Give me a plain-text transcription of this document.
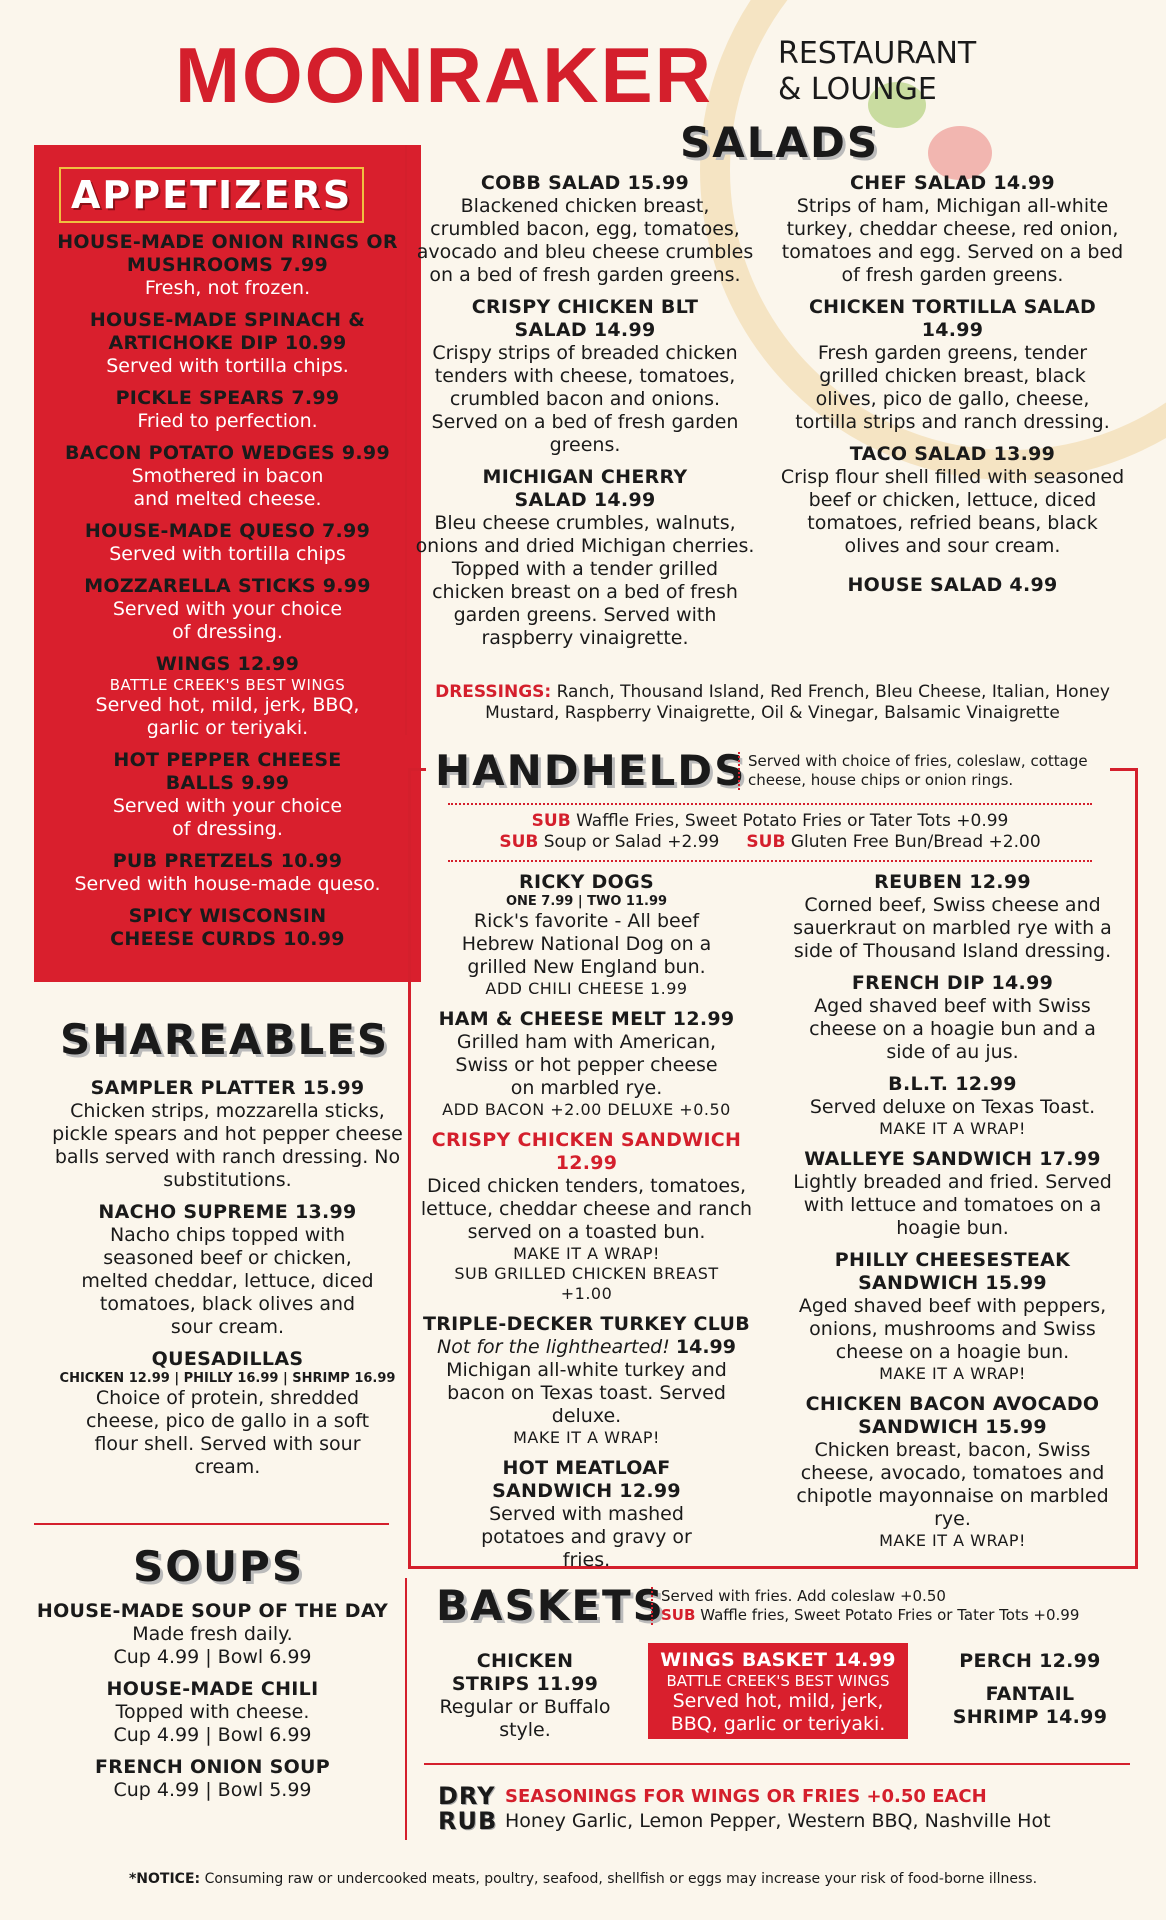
MOONRAKER RESTAURANT
& LOUNGE
APPETIZERS
HOUSE-MADE ONION RINGS OR MUSHROOMS 7.99
Fresh, not frozen.
HOUSE-MADE SPINACH & ARTICHOKE DIP 10.99
Served with tortilla chips.
PICKLE SPEARS 7.99
Fried to perfection.
BACON POTATO WEDGES 9.99
Smothered in bacon and melted cheese.
HOUSE-MADE QUESO 7.99
Served with tortilla chips
MOZZARELLA STICKS 9.99
Served with your choice of dressing.
WINGS 12.99
BATTLE CREEK'S BEST WINGS
Served hot, mild, jerk, BBQ, garlic or teriyaki.
HOT PEPPER CHEESE BALLS 9.99
Served with your choice of dressing.
PUB PRETZELS 10.99
Served with house-made queso.
SPICY WISCONSIN CHEESE CURDS 10.99
SHAREABLES
SAMPLER PLATTER 15.99
Chicken strips, mozzarella sticks, pickle spears and hot pepper cheese balls served with ranch dressing. No substitutions.
NACHO SUPREME 13.99
Nacho chips topped with seasoned beef or chicken, melted cheddar, lettuce, diced tomatoes, black olives and sour cream.
QUESADILLAS
CHICKEN 12.99 | PHILLY 16.99 | SHRIMP 16.99
Choice of protein, shredded cheese, pico de gallo in a soft flour shell. Served with sour cream.
SOUPS
HOUSE-MADE SOUP OF THE DAY
Made fresh daily.
Cup 4.99 | Bowl 6.99
HOUSE-MADE CHILI
Topped with cheese.
Cup 4.99 | Bowl 6.99
FRENCH ONION SOUP
Cup 4.99 | Bowl 5.99
SALADS
COBB SALAD 15.99
Blackened chicken breast, crumbled bacon, egg, tomatoes, avocado and bleu cheese crumbles on a bed of fresh garden greens.
CRISPY CHICKEN BLT SALAD 14.99
Crispy strips of breaded chicken tenders with cheese, tomatoes, crumbled bacon and onions. Served on a bed of fresh garden greens.
MICHIGAN CHERRY SALAD 14.99
Bleu cheese crumbles, walnuts, onions and dried Michigan cherries. Topped with a tender grilled chicken breast on a bed of fresh garden greens. Served with raspberry vinaigrette.
CHEF SALAD 14.99
Strips of ham, Michigan all-white turkey, cheddar cheese, red onion, tomatoes and egg. Served on a bed of fresh garden greens.
CHICKEN TORTILLA SALAD 14.99
Fresh garden greens, tender grilled chicken breast, black olives, pico de gallo, cheese, tortilla strips and ranch dressing.
TACO SALAD 13.99
Crisp flour shell filled with seasoned beef or chicken, lettuce, diced tomatoes, refried beans, black olives and sour cream.
HOUSE SALAD 4.99
DRESSINGS: Ranch, Thousand Island, Red French, Bleu Cheese, Italian, Honey Mustard, Raspberry Vinaigrette, Oil & Vinegar, Balsamic Vinaigrette
HANDHELDS Served with choice of fries, coleslaw, cottage cheese, house chips or onion rings.
SUB Waffle Fries, Sweet Potato Fries or Tater Tots +0.99
SUB Soup or Salad +2.99 SUB Gluten Free Bun/Bread +2.00
RICKY DOGS
ONE 7.99 | TWO 11.99
Rick's favorite - All beef Hebrew National Dog on a grilled New England bun.
ADD CHILI CHEESE 1.99
HAM & CHEESE MELT 12.99
Grilled ham with American, Swiss or hot pepper cheese on marbled rye.
ADD BACON +2.00 DELUXE +0.50
CRISPY CHICKEN SANDWICH 12.99
Diced chicken tenders, tomatoes, lettuce, cheddar cheese and ranch served on a toasted bun.
MAKE IT A WRAP!
SUB GRILLED CHICKEN BREAST +1.00
TRIPLE-DECKER TURKEY CLUB
Not for the lighthearted! 14.99
Michigan all-white turkey and bacon on Texas toast. Served deluxe.
MAKE IT A WRAP!
HOT MEATLOAF SANDWICH 12.99
Served with mashed potatoes and gravy or fries.
REUBEN 12.99
Corned beef, Swiss cheese and sauerkraut on marbled rye with a side of Thousand Island dressing.
FRENCH DIP 14.99
Aged shaved beef with Swiss cheese on a hoagie bun and a side of au jus.
B.L.T. 12.99
Served deluxe on Texas Toast.
MAKE IT A WRAP!
WALLEYE SANDWICH 17.99
Lightly breaded and fried. Served with lettuce and tomatoes on a hoagie bun.
PHILLY CHEESESTEAK SANDWICH 15.99
Aged shaved beef with peppers, onions, mushrooms and Swiss cheese on a hoagie bun.
MAKE IT A WRAP!
CHICKEN BACON AVOCADO SANDWICH 15.99
Chicken breast, bacon, Swiss cheese, avocado, tomatoes and chipotle mayonnaise on marbled rye.
MAKE IT A WRAP!
BASKETS
Served with fries. Add coleslaw +0.50
SUB Waffle fries, Sweet Potato Fries or Tater Tots +0.99
CHICKEN STRIPS 11.99
Regular or Buffalo style.
WINGS BASKET 14.99
BATTLE CREEK'S BEST WINGS
Served hot, mild, jerk, BBQ, garlic or teriyaki.
PERCH 12.99
FANTAIL SHRIMP 14.99
DRY
RUB
SEASONINGS FOR WINGS OR FRIES +0.50 EACH
Honey Garlic, Lemon Pepper, Western BBQ, Nashville Hot
*NOTICE: Consuming raw or undercooked meats, poultry, seafood, shellfish or eggs may increase your risk of food-borne illness.
